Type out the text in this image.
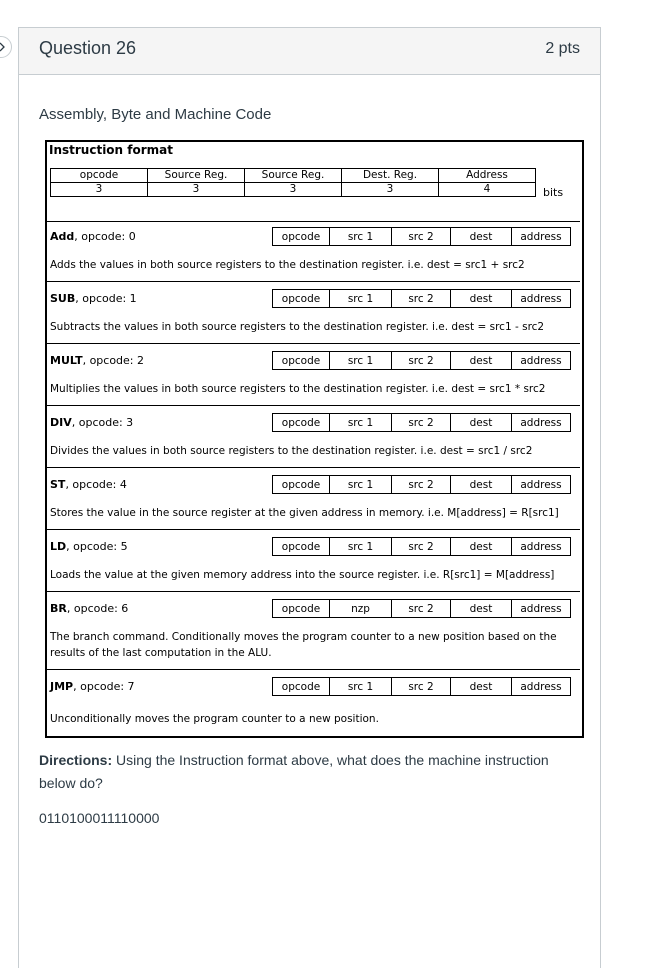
Question 26	2 pts
Assembly, Byte and Machine Code
Instruction format
opcode	Source Reg.	Source Reg.	Dest. Reg.	Address
3	3	3	3	4	bits
Add, opcode: 0	opcode	src 1	src 2	dest	address
Adds the values in both source registers to the destination register. i.e. dest = src1 + src2
SUB, opcode: 1	opcode	src 1	src 2	dest	address
Subtracts the values in both source registers to the destination register. i.e. dest = src1 - src2
MULT, opcode: 2	opcode	src 1	src 2	dest	address
Multiplies the values in both source registers to the destination register. i.e. dest = src1 * src2
DIV, opcode: 3	opcode	src 1	src 2	dest	address
Divides the values in both source registers to the destination register. i.e. dest = src1 / src2
ST, opcode: 4	opcode	src 1	src 2	dest	address
Stores the value in the source register at the given address in memory. i.e. M[address] = R[src1]
LD, opcode: 5	opcode	src 1	src 2	dest	address
Loads the value at the given memory address into the source register. i.e. R[src1] = M[address]
BR, opcode: 6	opcode	nzp	src 2	dest	address
The branch command. Conditionally moves the program counter to a new position based on the results of the last computation in the ALU.
JMP, opcode: 7	opcode	src 1	src 2	dest	address
Unconditionally moves the program counter to a new position.
Directions: Using the Instruction format above, what does the machine instruction below do?
0110100011110000
